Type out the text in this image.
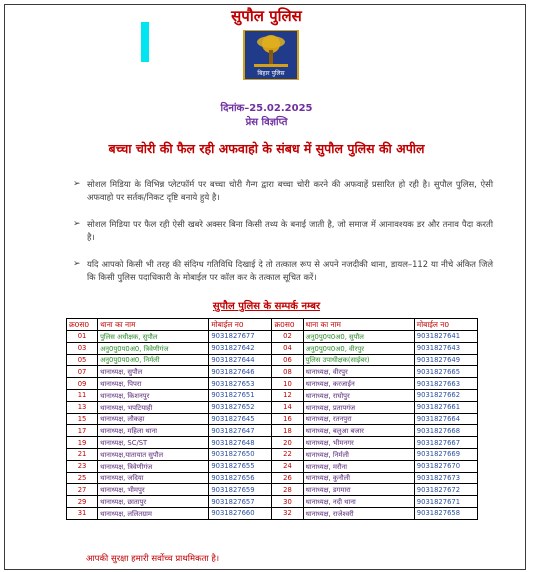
सुपौल पुलिस
बिहार पुलिस
दिनांक–25.02.2025
प्रेस विज्ञप्ति
बच्चा चोरी की फैल रही अफवाहो के संबध में सुपौल पुलिस की अपील
➢ सोशल मिडिया के विभिन्न प्लेटफॉर्म पर बच्चा चोरी गैन्ग द्वारा बच्चा चोरी करने की अफवाहें प्रसारित हो रही है। सुपौल पुलिस, ऐसी अफवाहो पर सर्तक/निकट दृष्टि बनाये हुये है।
➢ सोशल मिडिया पर फैल रही ऐसी खबरे अक्सर बिना किसी तथ्य के बनाई जाती है, जो समाज में आनावश्यक डर और तनाव पैदा करती है।
➢ यदि आपको किसी भी तरह की संदिग्ध गतिविधि दिखाई दे तो तत्काल रूप से अपने नजदीकी थाना, डायल–112 या नीचे अंकित जिले कि किसी पुलिस पदाधिकारी के मोबाईल पर कॉल कर के तत्काल सूचित करें।
सुपौल पुलिस के सम्पर्क नम्बर
क्र0स0	थाना का नाम	मोबाईल न0	क्र0स0	थाना का नाम	मोबाईल न0
01	पुलिस अधीक्षक, सुपौल	9031827677	02	अनु0पु0प0अ0, सुपौल	9031827641
03	अनु0पु0प0अ0, त्रिवेणीगंज	9031827642	04	अनु0पु0प0अ0, वीरपुर	9031827643
05	अनु0पु0प0अ0, निर्मली	9031827644	06	पुलिस उपाधीक्षक(साईबर)	9031827649
07	थानाध्यक्ष, सुपौल	9031827646	08	थानाध्यक्ष, वीरपुर	9031827665
09	थानाध्यक्ष, पिपरा	9031827653	10	थानाध्यक्ष, करजाईन	9031827663
11	थानाध्यक्ष, किशनपुर	9031827651	12	थानाध्यक्ष, राघोपुर	9031827662
13	थानाध्यक्ष, भपटियाही	9031827652	14	थानाध्यक्ष, प्रतापगंज	9031827661
15	थानाध्यक्ष, लौकहा	9031827645	16	थानाध्यक्ष, रतनपुरा	9031827664
17	थानाध्यक्ष, महिला थाना	9031827647	18	थानाध्यक्ष, बलुआ बजार	9031827668
19	थानाध्यक्ष, SC/ST	9031827648	20	थानाध्यक्ष, भीमनगर	9031827667
21	थानाध्यक्ष,यातायात सुपौल	9031827650	22	थानाध्यक्ष, निर्मली	9031827669
23	थानाध्यक्ष, त्रिवेणीगंज	9031827655	24	थानाध्यक्ष, मरौना	9031827670
25	थानाध्यक्ष, जदिया	9031827656	26	थानाध्यक्ष, कुनौली	9031827673
27	थानाध्यक्ष, भीमपुर	9031827659	28	थानाध्यक्ष, डगमारा	9031827672
29	थानाध्यक्ष, छातापुर	9031827657	30	थानाध्यक्ष, नदी थाना	9031827671
31	थानाध्यक्ष, ललितग्राम	9031827660	32	थानाध्यक्ष, राजेश्वरी	9031827658
आपकी सुरक्षा हमारी सर्वोच्च प्राथमिकता है।
